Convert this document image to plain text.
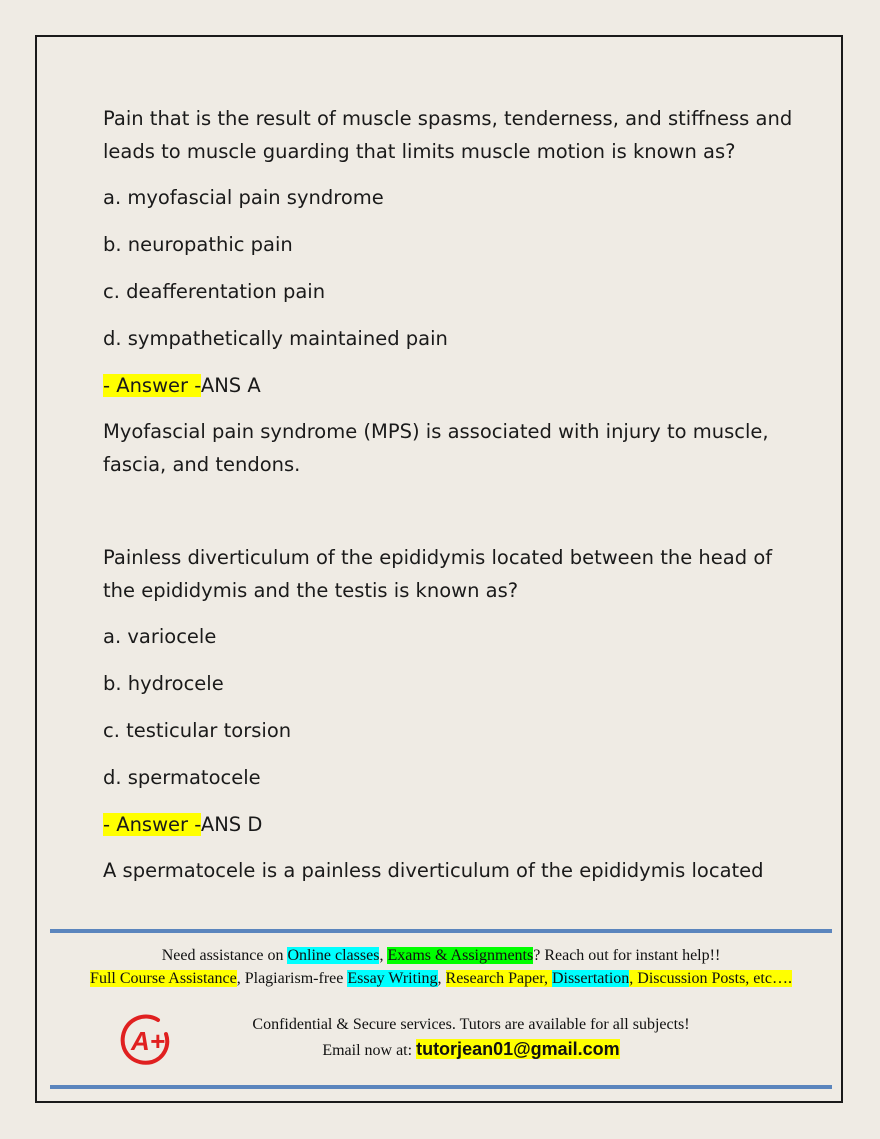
Pain that is the result of muscle spasms, tenderness, and stiffness and leads to muscle guarding that limits muscle motion is known as?

a. myofascial pain syndrome

b. neuropathic pain

c. deafferentation pain

d. sympathetically maintained pain

- Answer -ANS A

Myofascial pain syndrome (MPS) is associated with injury to muscle, fascia, and tendons.

Painless diverticulum of the epididymis located between the head of the epididymis and the testis is known as?

a. variocele

b. hydrocele

c. testicular torsion

d. spermatocele

- Answer -ANS D

A spermatocele is a painless diverticulum of the epididymis located

Need assistance on Online classes, Exams & Assignments? Reach out for instant help!!
Full Course Assistance, Plagiarism-free Essay Writing, Research Paper, Dissertation, Discussion Posts, etc….
A+
Confidential & Secure services. Tutors are available for all subjects!
Email now at: tutorjean01@gmail.com
